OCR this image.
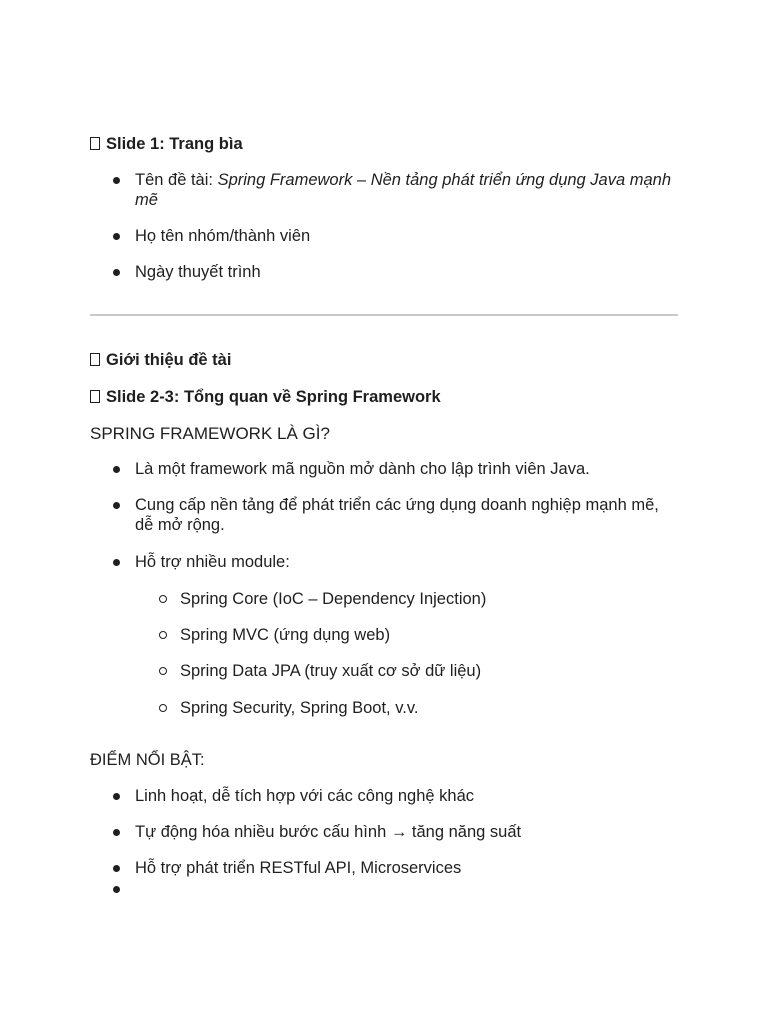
Slide 1: Trang bìa
Tên đề tài: Spring Framework – Nền tảng phát triển ứng dụng Java mạnh mẽ
Họ tên nhóm/thành viên
Ngày thuyết trình
Giới thiệu đề tài
Slide 2-3: Tổng quan về Spring Framework
SPRING FRAMEWORK LÀ GÌ?
Là một framework mã nguồn mở dành cho lập trình viên Java.
Cung cấp nền tảng để phát triển các ứng dụng doanh nghiệp mạnh mẽ, dễ mở rộng.
Hỗ trợ nhiều module:
Spring Core (IoC – Dependency Injection)
Spring MVC (ứng dụng web)
Spring Data JPA (truy xuất cơ sở dữ liệu)
Spring Security, Spring Boot, v.v.
ĐIỂM NỔI BẬT:
Linh hoạt, dễ tích hợp với các công nghệ khác
Tự động hóa nhiều bước cấu hình → tăng năng suất
Hỗ trợ phát triển RESTful API, Microservices
